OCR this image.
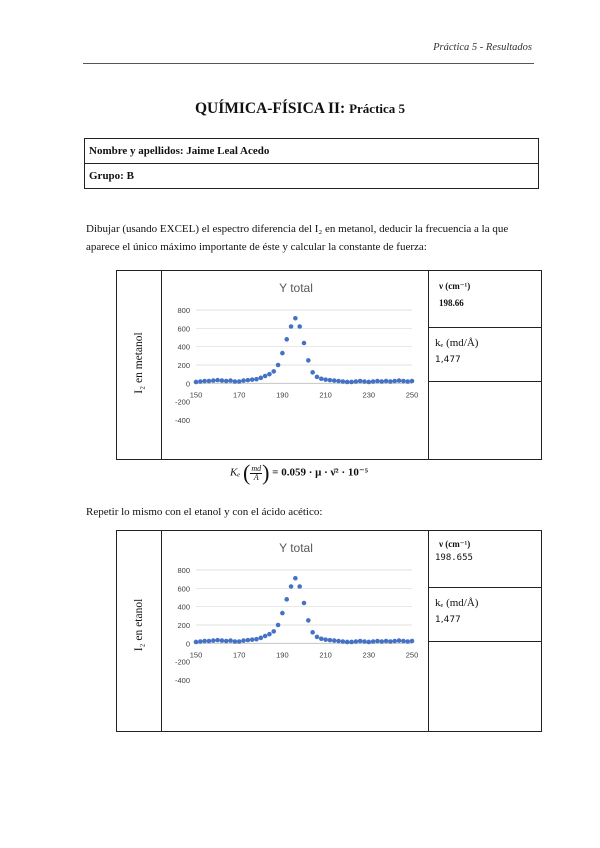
Práctica 5 - Resultados
QUÍMICA-FÍSICA II: Práctica 5
Nombre y apellidos: Jaime Leal Acedo
Grupo: B
Dibujar (usando EXCEL) el espectro diferencia del I₂ en metanol, deducir la frecuencia a la que aparece el único máximo importante de éste y calcular la constante de fuerza:
I₂ en metanol
ν (cm⁻¹)
198.66
kₑ (md/Å)
1,477
Y total
800
600
400
200
0
-200
-400
150	170	190	210	230	250
Kₑ ( $\frac{md}{Å}$ ) = 0.059 · μ · ν̄² · 10⁻⁵
Repetir lo mismo con el etanol y con el ácido acético:
I₂ en etanol
ν (cm⁻¹)
198.655
kₑ (md/Å)
1,477
Y total
800
600
400
200
0
-200
-400
150	170	190	210	230	250
